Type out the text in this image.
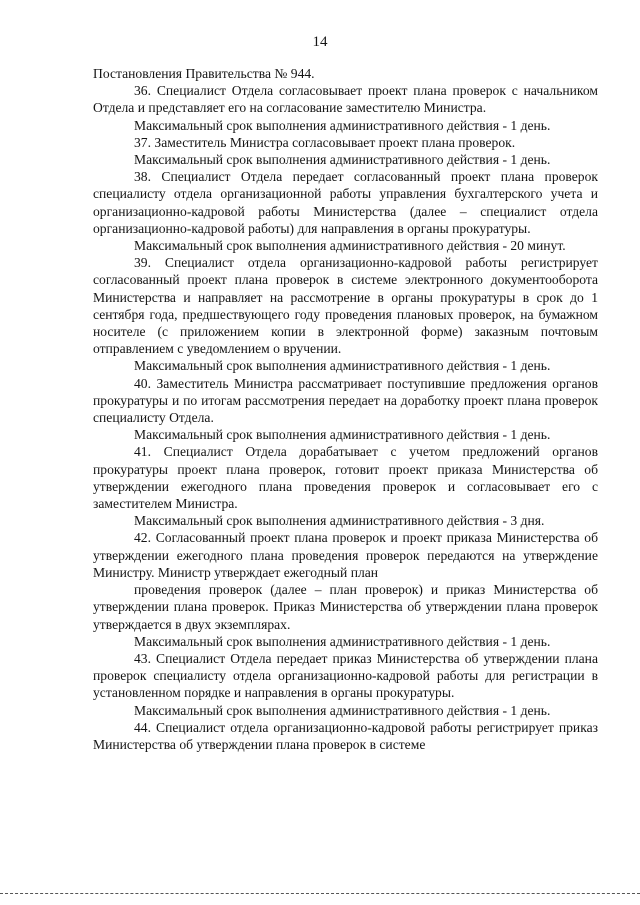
14

Постановления Правительства № 944.

36. Специалист Отдела согласовывает проект плана проверок с начальником Отдела и представляет его на согласование заместителю Министра.

Максимальный срок выполнения административного действия - 1 день.

37. Заместитель Министра согласовывает проект плана проверок.

Максимальный срок выполнения административного действия - 1 день.

38. Специалист Отдела передает согласованный проект плана проверок специалисту отдела организационной работы управления бухгалтерского учета и организационно-кадровой работы Министерства (далее – специалист отдела организационно-кадровой работы) для направления в органы прокуратуры.

Максимальный срок выполнения административного действия - 20 минут.

39. Специалист отдела организационно-кадровой работы регистрирует согласованный проект плана проверок в системе электронного документооборота Министерства и направляет на рассмотрение в органы прокуратуры в срок до 1 сентября года, предшествующего году проведения плановых проверок, на бумажном носителе (с приложением копии в электронной форме) заказным почтовым отправлением с уведомлением о вручении.

Максимальный срок выполнения административного действия - 1 день.

40. Заместитель Министра рассматривает поступившие предложения органов прокуратуры и по итогам рассмотрения передает на доработку проект плана проверок специалисту Отдела.

Максимальный срок выполнения административного действия - 1 день.

41. Специалист Отдела дорабатывает с учетом предложений органов прокуратуры проект плана проверок, готовит проект приказа Министерства об утверждении ежегодного плана проведения проверок и согласовывает его с заместителем Министра.

Максимальный срок выполнения административного действия - 3 дня.

42. Согласованный проект плана проверок и проект приказа Министерства об утверждении ежегодного плана проведения проверок передаются на утверждение Министру. Министр утверждает ежегодный план

проведения проверок (далее – план проверок) и приказ Министерства об утверждении плана проверок. Приказ Министерства об утверждении плана проверок утверждается в двух экземплярах.

Максимальный срок выполнения административного действия - 1 день.

43. Специалист Отдела передает приказ Министерства об утверждении плана проверок специалисту отдела организационно-кадровой работы для регистрации в установленном порядке и направления в органы прокуратуры.

Максимальный срок выполнения административного действия - 1 день.

44. Специалист отдела организационно-кадровой работы регистрирует приказ Министерства об утверждении плана проверок в системе
